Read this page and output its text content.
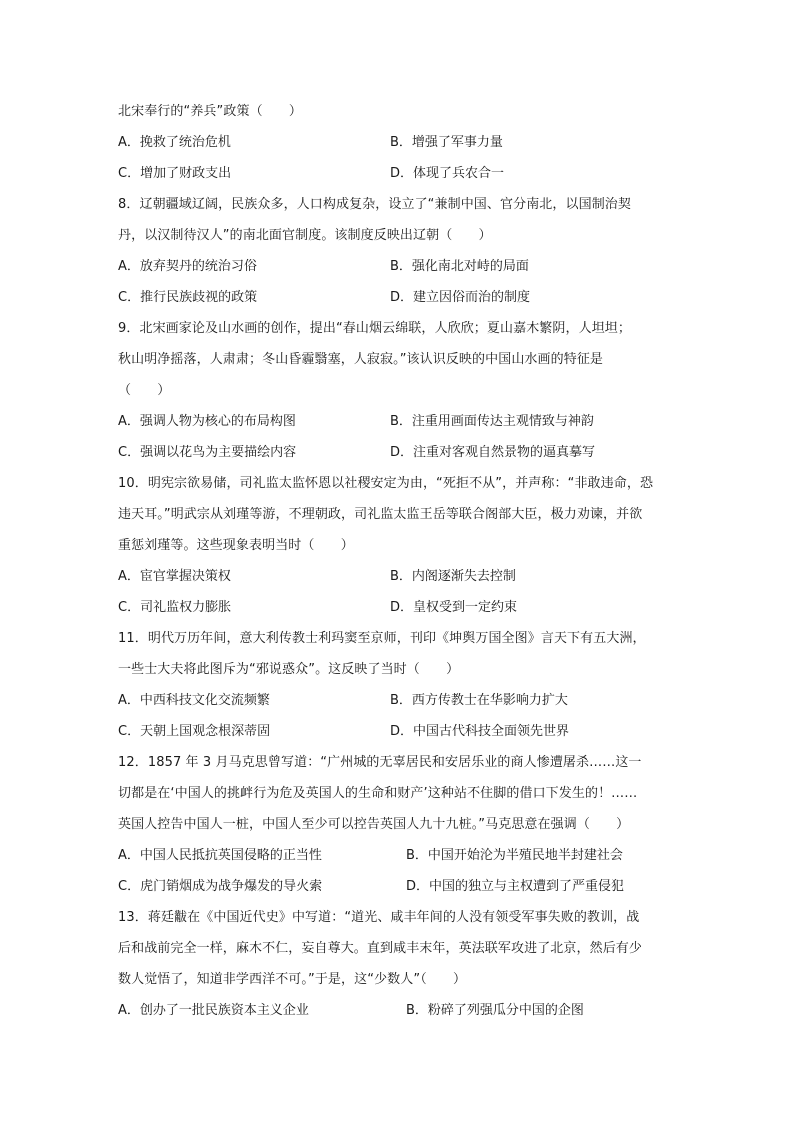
北宋奉行的“养兵”政策（　　）
A．挽救了统治危机	B．增强了军事力量
C．增加了财政支出	D．体现了兵农合一
8．辽朝疆域辽阔，民族众多，人口构成复杂，设立了“兼制中国、官分南北，以国制治契
丹，以汉制待汉人”的南北面官制度。该制度反映出辽朝（　　）
A．放弃契丹的统治习俗	B．强化南北对峙的局面
C．推行民族歧视的政策	D．建立因俗而治的制度
9．北宋画家论及山水画的创作，提出“春山烟云绵联，人欣欣；夏山嘉木繁阴，人坦坦；
秋山明净摇落，人肃肃；冬山昏霾翳塞，人寂寂。”该认识反映的中国山水画的特征是
（　　）
A．强调人物为核心的布局构图	B．注重用画面传达主观情致与神韵
C．强调以花鸟为主要描绘内容	D．注重对客观自然景物的逼真摹写
10．明宪宗欲易储，司礼监太监怀恩以社稷安定为由，“死拒不从”，并声称：“非敢违命，恐
违天耳。”明武宗从刘瑾等游，不理朝政，司礼监太监王岳等联合阁部大臣，极力劝谏，并欲
重惩刘瑾等。这些现象表明当时（　　）
A．宦官掌握决策权	B．内阁逐渐失去控制
C．司礼监权力膨胀	D．皇权受到一定约束
11．明代万历年间，意大利传教士利玛窦至京师，刊印《坤舆万国全图》言天下有五大洲，
一些士大夫将此图斥为“邪说惑众”。这反映了当时（　　）
A．中西科技文化交流频繁	B．西方传教士在华影响力扩大
C．天朝上国观念根深蒂固	D．中国古代科技全面领先世界
12．1857 年 3 月马克思曾写道：“广州城的无辜居民和安居乐业的商人惨遭屠杀……这一
切都是在‘中国人的挑衅行为危及英国人的生命和财产’这种站不住脚的借口下发生的！……
英国人控告中国人一桩，中国人至少可以控告英国人九十九桩。”马克思意在强调（　　）
A．中国人民抵抗英国侵略的正当性	B．中国开始沦为半殖民地半封建社会
C．虎门销烟成为战争爆发的导火索	D．中国的独立与主权遭到了严重侵犯
13．蒋廷黻在《中国近代史》中写道：“道光、咸丰年间的人没有领受军事失败的教训，战
后和战前完全一样，麻木不仁，妄自尊大。直到咸丰末年，英法联军攻进了北京，然后有少
数人觉悟了，知道非学西洋不可。”于是，这“少数人”（　　）
A．创办了一批民族资本主义企业	B．粉碎了列强瓜分中国的企图
